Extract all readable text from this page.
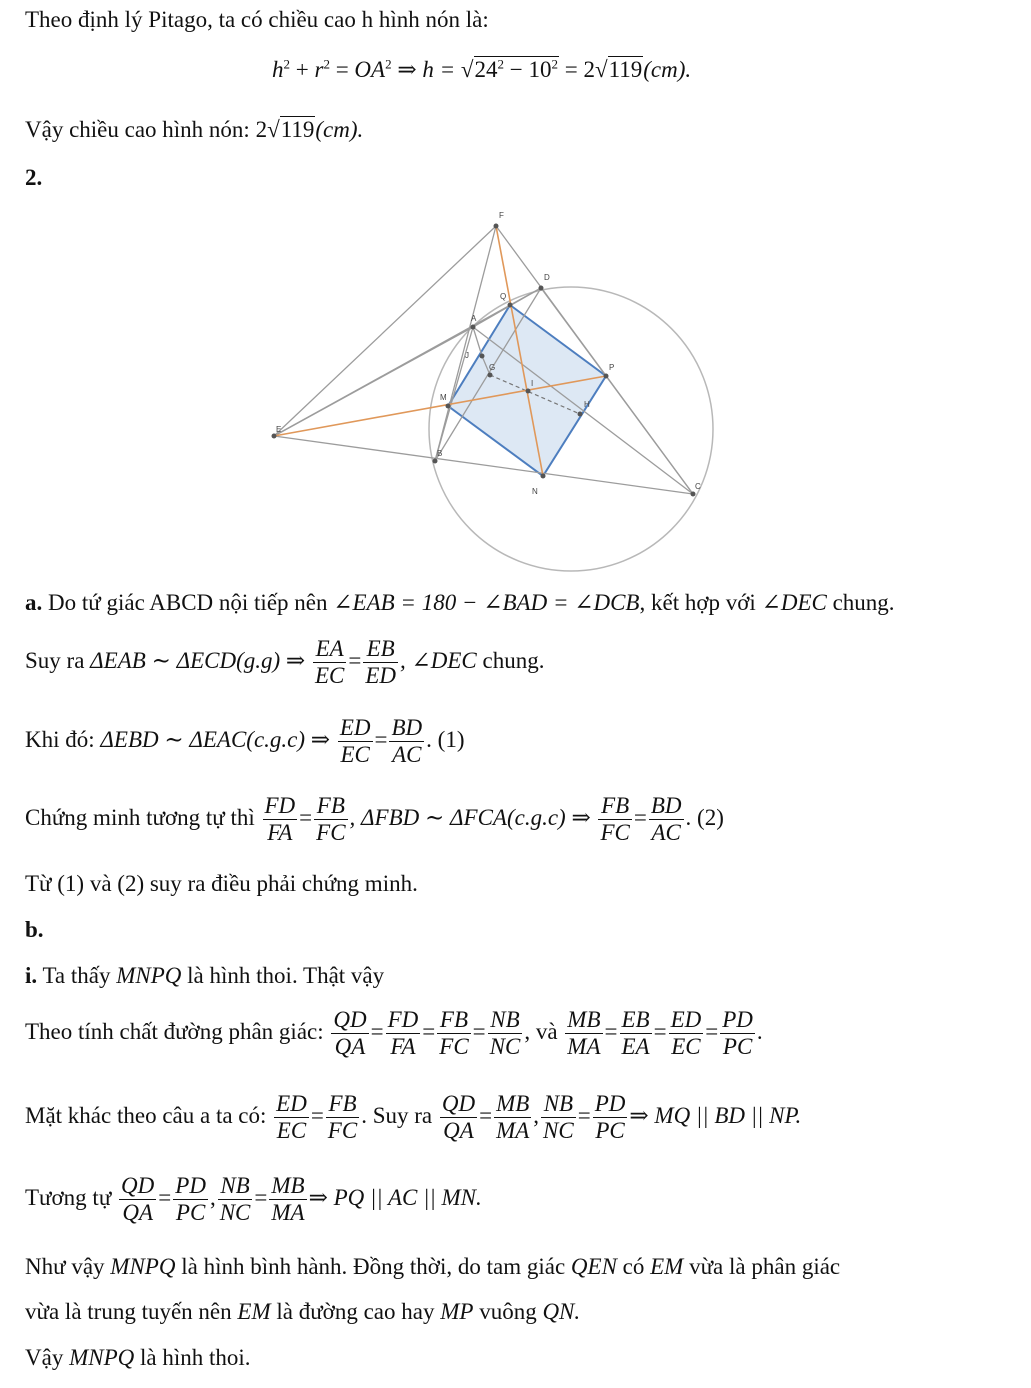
Theo định lý Pitago, ta có chiều cao h hình nón là:
$h^2 + r^2 = OA^2$ ⇒ $h = √24^2 - 10^2 = 2√119(cm)$.
Vậy chiều cao hình nón: 2√119(cm).
2.
F
D
Q
A
J
G	P
M
H
I
E
B
N
C
a. Do tứ giác ABCD nội tiếp nên ∠EAB = 180 − ∠BAD = ∠DCB, kết hợp với ∠DEC chung.
Suy ra ΔEAB ∼ ΔECD(g.g) ⇒ $\frac{EA}{EC} = \frac{EB}{ED}$ , ∠DEC chung.
Khi đó: ΔEBD ∼ ΔEAC(c.g.c) ⇒ $\frac{ED}{EC} = \frac{BD}{AC}$ . (1)
Chứng minh tương tự thì $\frac{FD}{FA} = \frac{FB}{FC}$ , ΔFBD ∼ ΔFCA(c.g.c) ⇒ $\frac{FB}{FC} = \frac{BD}{AC}$ . (2)
Từ (1) và (2) suy ra điều phải chứng minh.
b.
i. Ta thấy MNPQ là hình thoi. Thật vậy
Theo tính chất đường phân giác: $\frac{QD}{QA} = \frac{FD}{FA} = \frac{FB}{FC} = \frac{NB}{NC}$ , và $\frac{MB}{MA} = \frac{EB}{EA} = \frac{ED}{EC} = \frac{PD}{PC}$ .
Mặt khác theo câu a ta có: $\frac{ED}{EC} = \frac{FB}{FC}$ . Suy ra $\frac{QD}{QA} = \frac{MB}{MA}$ , $\frac{NB}{NC} = \frac{PD}{PC}$ ⇒ MQ || BD || NP.
Tương tự $\frac{QD}{QA} = \frac{PD}{PC}$ , $\frac{NB}{NC} = \frac{MB}{MA}$ ⇒ PQ || AC || MN.
Như vậy MNPQ là hình bình hành. Đồng thời, do tam giác QEN có EM vừa là phân giác
vừa là trung tuyến nên EM là đường cao hay MP vuông QN.
Vậy MNPQ là hình thoi.
